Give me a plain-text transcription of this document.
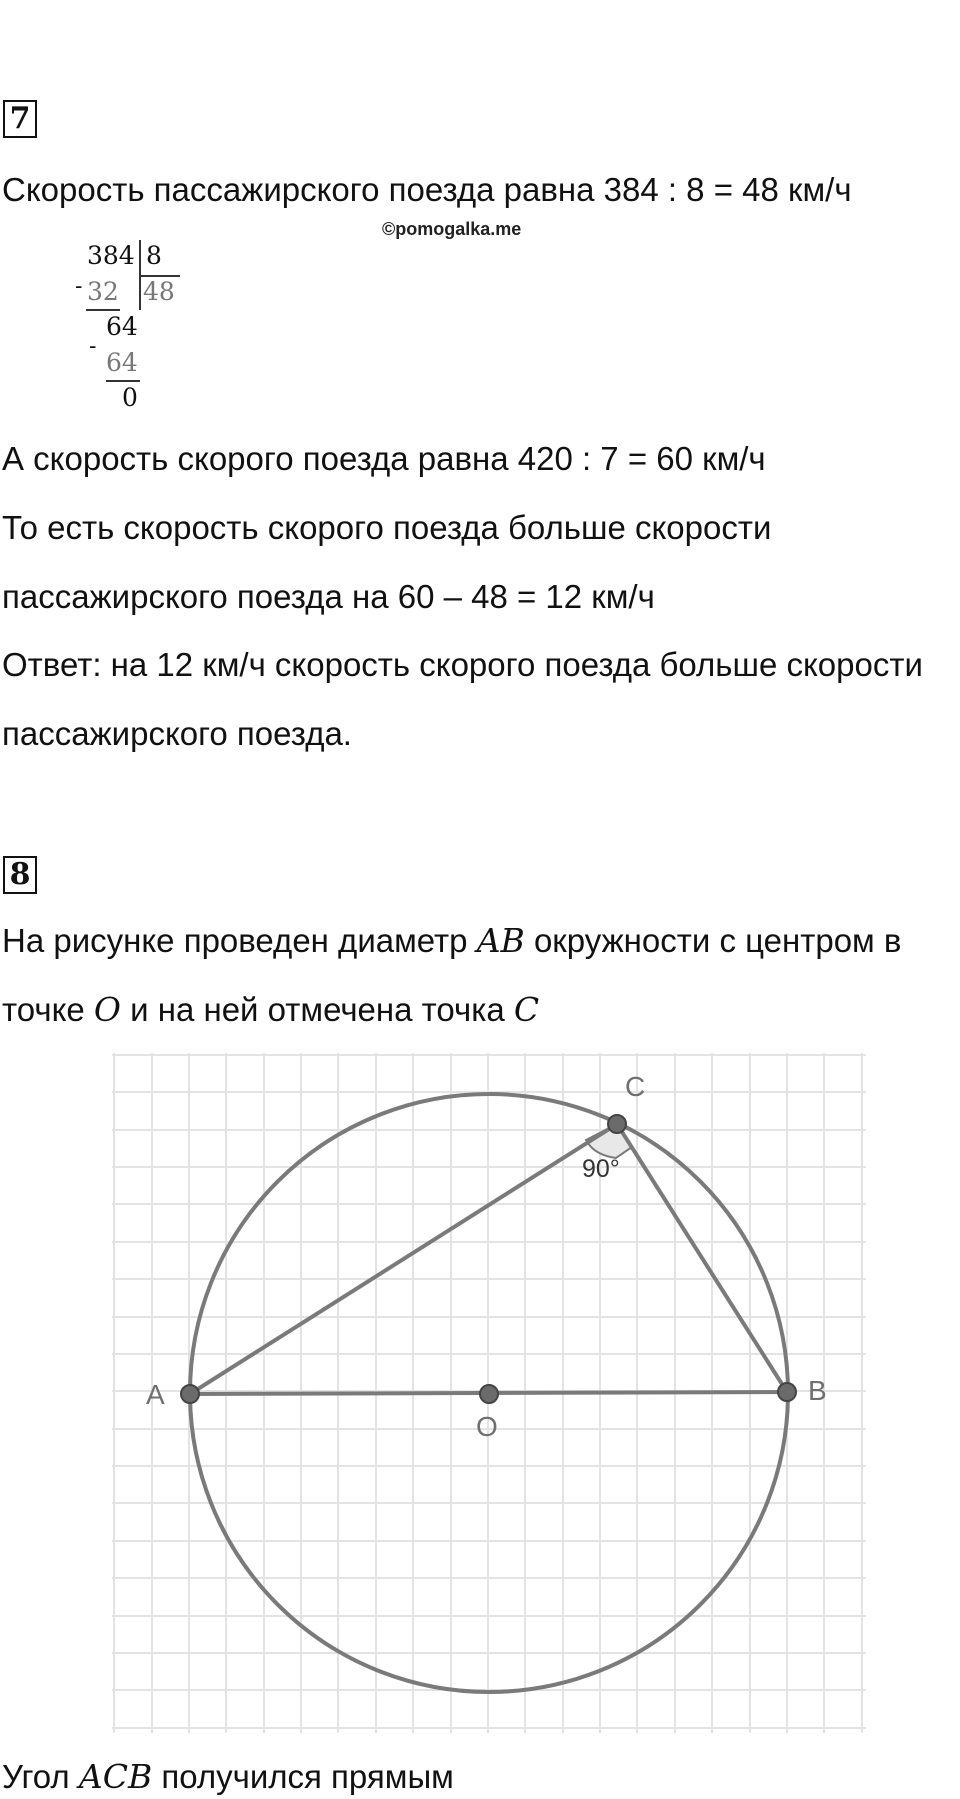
7
Скорость пассажирского поезда равна 384 : 8 = 48 км/ч
©pomogalka.me
-
384 8
32 48
64
-
64
0
А скорость скорого поезда равна 420 : 7 = 60 км/ч
То есть скорость скорого поезда больше скорости
пассажирского поезда на 60 – 48 = 12 км/ч
Ответ: на 12 км/ч скорость скорого поезда больше скорости
пассажирского поезда.
8
На рисунке проведен диаметр AB окружности с центром в
точке O и на ней отмечена точка C
A	B
C
O
90°
Угол ACB получился прямым
